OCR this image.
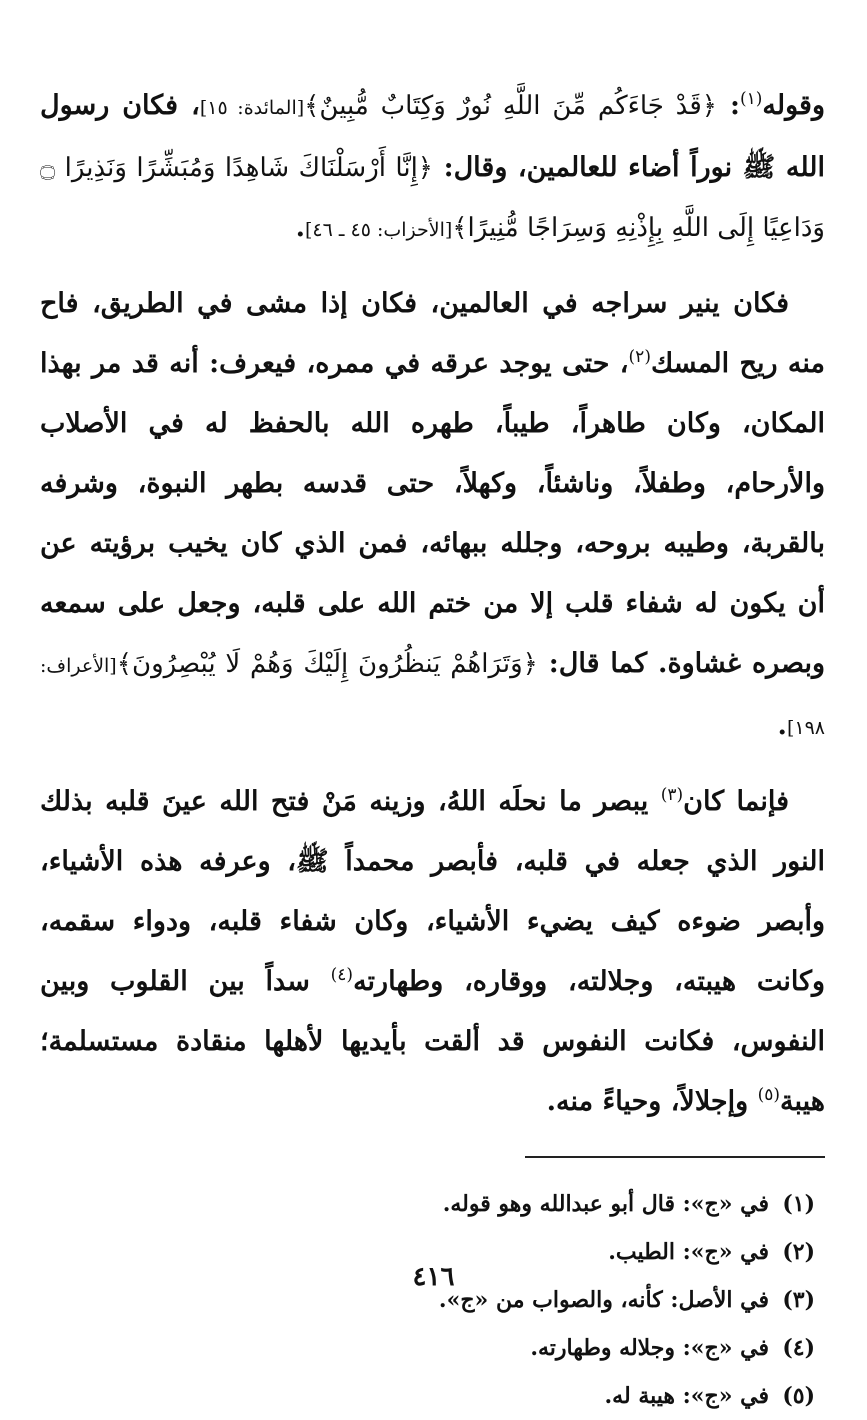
وقوله$^{(١)}$: ﴿قَدْ جَاءَكُم مِّنَ اللَّهِ نُورٌ وَكِتَابٌ مُّبِينٌ﴾[المائدة: ١٥]، فكان رسول الله ﷺ نوراً أضاء للعالمين، وقال: ﴿إِنَّا أَرْسَلْنَاكَ شَاهِدًا وَمُبَشِّرًا وَنَذِيرًا ۝ وَدَاعِيًا إِلَى اللَّهِ بِإِذْنِهِ وَسِرَاجًا مُّنِيرًا﴾[الأحزاب: ٤٥ ـ ٤٦].

فكان ينير سراجه في العالمين، فكان إذا مشى في الطريق، فاح منه ريح المسك$^{(٢)}$، حتى يوجد عرقه في ممره، فيعرف: أنه قد مر بهذا المكان، وكان طاهراً، طيباً، طهره الله بالحفظ له في الأصلاب والأرحام، وطفلاً، وناشئاً، وكهلاً، حتى قدسه بطهر النبوة، وشرفه بالقربة، وطيبه بروحه، وجلله ببهائه، فمن الذي كان يخيب برؤيته عن أن يكون له شفاء قلب إلا من ختم الله على قلبه، وجعل على سمعه وبصره غشاوة. كما قال: ﴿وَتَرَاهُمْ يَنظُرُونَ إِلَيْكَ وَهُمْ لَا يُبْصِرُونَ﴾[الأعراف: ١٩٨].

فإنما كان$^{(٣)}$ يبصر ما نحلَه اللهُ، وزينه مَنْ فتح الله عينَ قلبه بذلك النور الذي جعله في قلبه، فأبصر محمداً ﷺ، وعرفه هذه الأشياء، وأبصر ضوءه كيف يضيء الأشياء، وكان شفاء قلبه، ودواء سقمه، وكانت هيبته، وجلالته، ووقاره، وطهارته$^{(٤)}$ سداً بين القلوب وبين النفوس، فكانت النفوس قد ألقت بأيديها لأهلها منقادة مستسلمة؛ هيبة$^{(٥)}$ وإجلالاً، وحياءً منه.

(١)في «ج»: قال أبو عبدالله وهو قوله.
(٢)في «ج»: الطيب.
(٣)في الأصل: كأنه، والصواب من «ج».
(٤)في «ج»: وجلاله وطهارته.
(٥)في «ج»: هيبة له.
٤١٦
